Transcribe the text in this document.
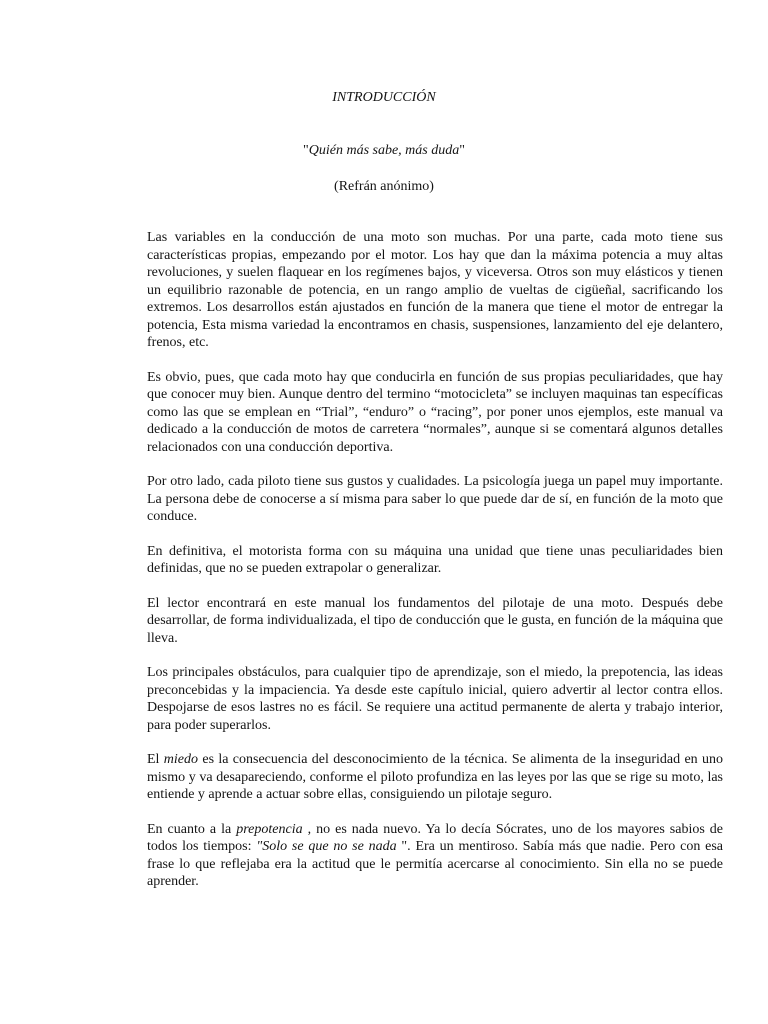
INTRODUCCIÓN
"Quién más sabe, más duda"
(Refrán anónimo)

Las variables en la conducción de una moto son muchas. Por una parte, cada moto tiene sus características propias, empezando por el motor. Los hay que dan la máxima potencia a muy altas revoluciones, y suelen flaquear en los regímenes bajos, y viceversa. Otros son muy elásticos y tienen un equilibrio razonable de potencia, en un rango amplio de vueltas de cigüeñal, sacrificando los extremos. Los desarrollos están ajustados en función de la manera que tiene el motor de entregar la potencia, Esta misma variedad la encontramos en chasis, suspensiones, lanzamiento del eje delantero, frenos, etc.

Es obvio, pues, que cada moto hay que conducirla en función de sus propias peculiaridades, que hay que conocer muy bien. Aunque dentro del termino “motocicleta” se incluyen maquinas tan específicas como las que se emplean en “Trial”, “enduro” o “racing”, por poner unos ejemplos, este manual va dedicado a la conducción de motos de carretera “normales”, aunque si se comentará algunos detalles relacionados con una conducción deportiva.

Por otro lado, cada piloto tiene sus gustos y cualidades. La psicología juega un papel muy importante. La persona debe de conocerse a sí misma para saber lo que puede dar de sí, en función de la moto que conduce.

En definitiva, el motorista forma con su máquina una unidad que tiene unas peculiaridades bien definidas, que no se pueden extrapolar o generalizar.

El lector encontrará en este manual los fundamentos del pilotaje de una moto. Después debe desarrollar, de forma individualizada, el tipo de conducción que le gusta, en función de la máquina que lleva.

Los principales obstáculos, para cualquier tipo de aprendizaje, son el miedo, la prepotencia, las ideas preconcebidas y la impaciencia. Ya desde este capítulo inicial, quiero advertir al lector contra ellos. Despojarse de esos lastres no es fácil. Se requiere una actitud permanente de alerta y trabajo interior, para poder superarlos.

El miedo es la consecuencia del desconocimiento de la técnica. Se alimenta de la inseguridad en uno mismo y va desapareciendo, conforme el piloto profundiza en las leyes por las que se rige su moto, las entiende y aprende a actuar sobre ellas, consiguiendo un pilotaje seguro.

En cuanto a la prepotencia , no es nada nuevo. Ya lo decía Sócrates, uno de los mayores sabios de todos los tiempos: "Solo se que no se nada ". Era un mentiroso. Sabía más que nadie. Pero con esa frase lo que reflejaba era la actitud que le permitía acercarse al conocimiento. Sin ella no se puede aprender.
